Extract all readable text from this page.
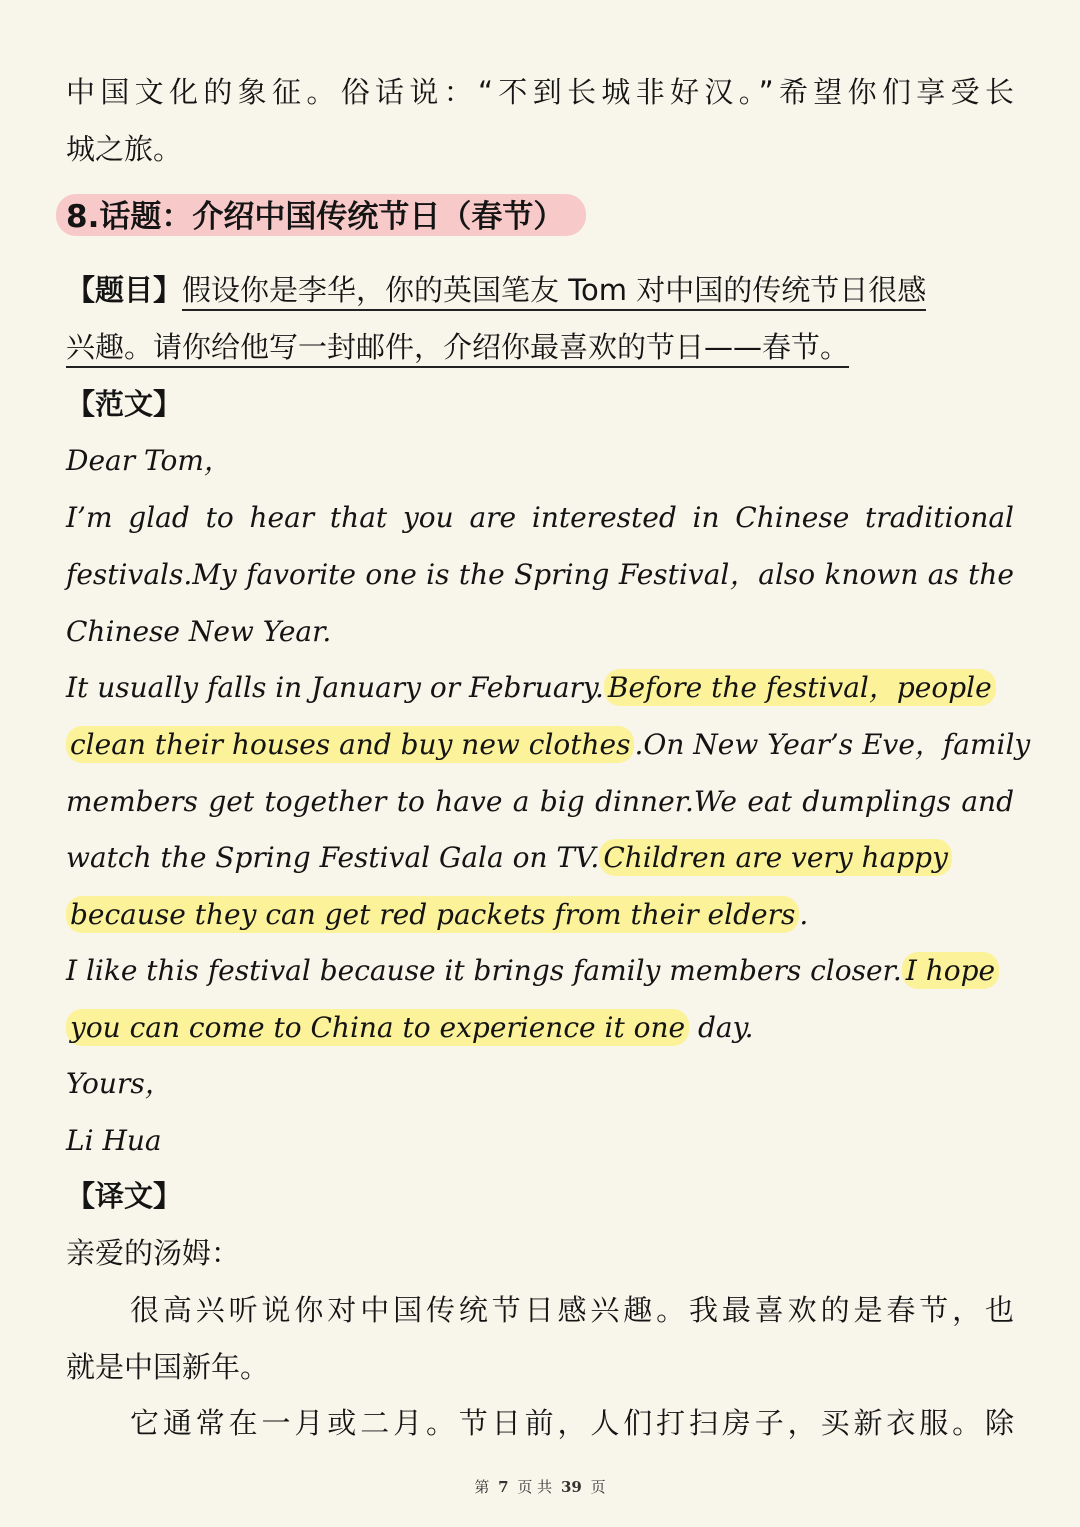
中国文化的象征。俗话说：“不到长城非好汉。”希望你们享受长
城之旅。
8.话题：介绍中国传统节日（春节）
【题目】假设你是李华，你的英国笔友 Tom 对中国的传统节日很感
兴趣。请你给他写一封邮件，介绍你最喜欢的节日——春节。
【范文】
Dear Tom，
I’m glad to hear that you are interested in Chinese traditional
festivals.My favorite one is the Spring Festival，also known as the
Chinese New Year.
It usually falls in January or February. Before the festival，people
clean their houses and buy new clothes .On New Year’s Eve，family
members get together to have a big dinner.We eat dumplings and
watch the Spring Festival Gala on TV. Children are very happy
because they can get red packets from their elders .
I like this festival because it brings family members closer. I hope
you can come to China to experience it one day.
Yours，
Li Hua
【译文】
亲爱的汤姆：
很高兴听说你对中国传统节日感兴趣。我最喜欢的是春节，也
就是中国新年。
它通常在一月或二月。节日前，人们打扫房子，买新衣服。除
第 7 页 共 39 页
